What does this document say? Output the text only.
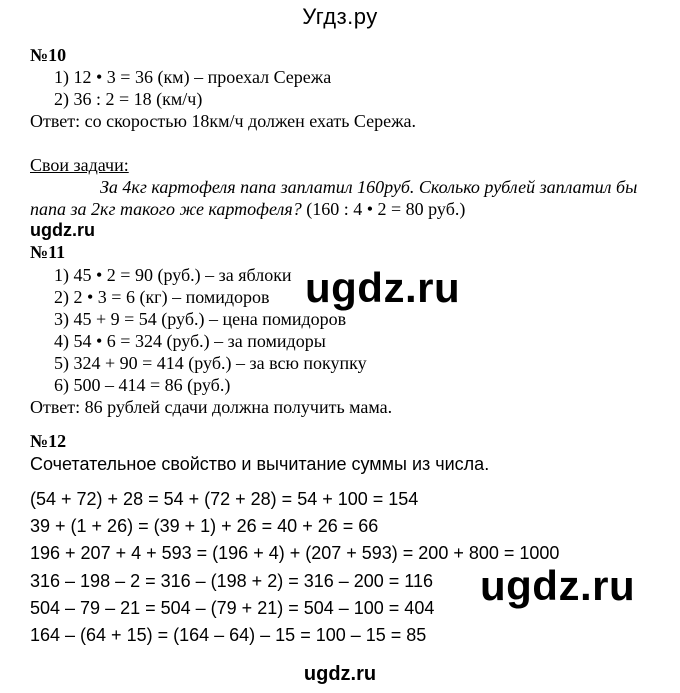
Угдз.ру
№10
1) 12 • 3 = 36 (км) – проехал Сережа
2) 36 : 2 = 18 (км/ч)
Ответ: со скоростью 18км/ч должен ехать Сережа.
Свои задачи:
За 4кг картофеля папа заплатил 160руб. Сколько рублей заплатил бы
папа за 2кг такого же картофеля? (160 : 4 • 2 = 80 руб.)
ugdz.ru
№11
1) 45 • 2 = 90 (руб.) – за яблоки
2) 2 • 3 = 6 (кг) – помидоров
3) 45 + 9 = 54 (руб.) – цена помидоров
4) 54 • 6 = 324 (руб.) – за помидоры
5) 324 + 90 = 414 (руб.) – за всю покупку
6) 500 – 414 = 86 (руб.)
Ответ: 86 рублей сдачи должна получить мама.
ugdz.ru
№12
Сочетательное свойство и вычитание суммы из числа.
(54 + 72) + 28 = 54 + (72 + 28) = 54 + 100 = 154
39 + (1 + 26) = (39 + 1) + 26 = 40 + 26 = 66
196 + 207 + 4 + 593 = (196 + 4) + (207 + 593) = 200 + 800 = 1000
316 – 198 – 2 = 316 – (198 + 2) = 316 – 200 = 116
504 – 79 – 21 = 504 – (79 + 21) = 504 – 100 = 404
164 – (64 + 15) = (164 – 64) – 15 = 100 – 15 = 85
ugdz.ru
ugdz.ru
